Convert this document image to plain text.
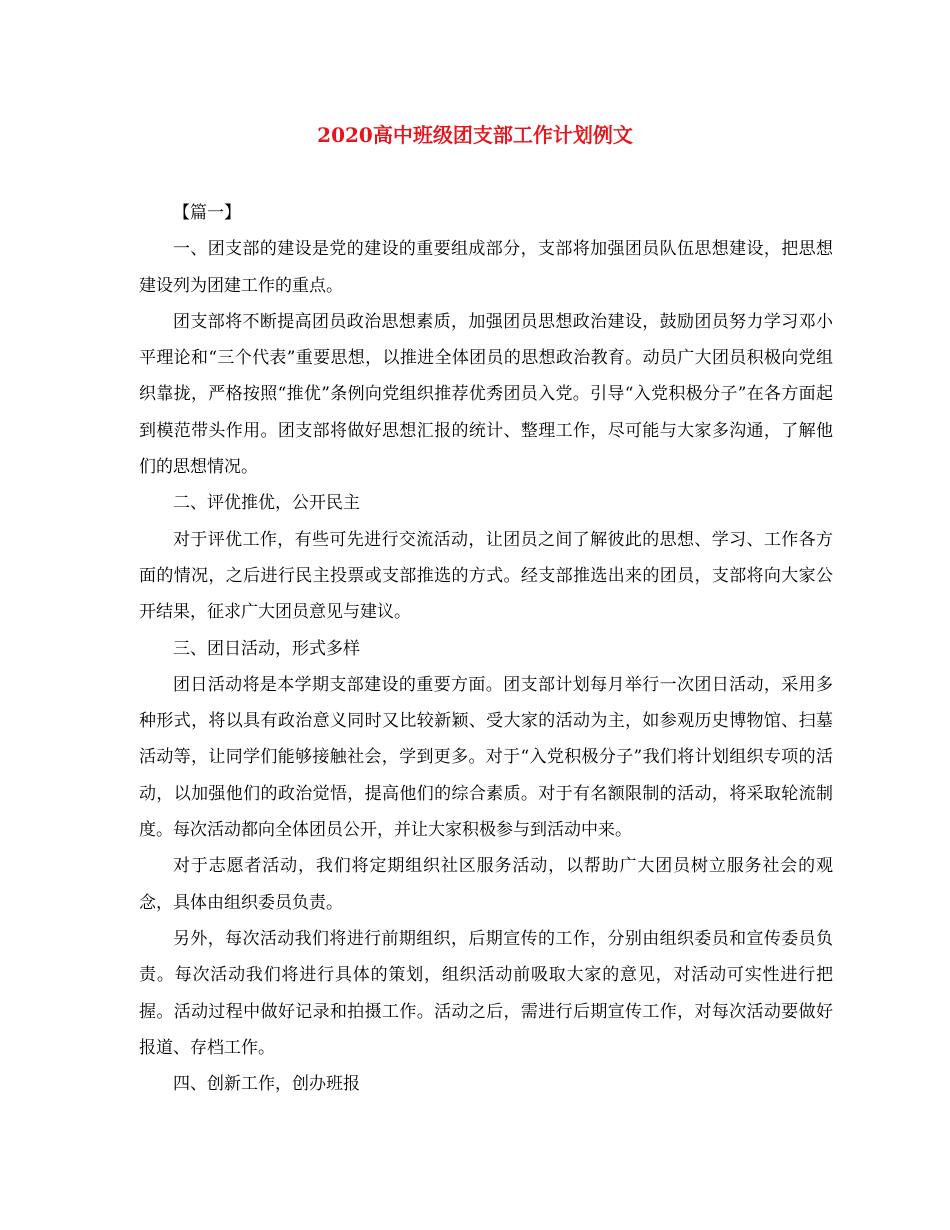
2020高中班级团支部工作计划例文

【篇一】

一、团支部的建设是党的建设的重要组成部分，支部将加强团员队伍思想建设，把思想建设列为团建工作的重点。

团支部将不断提高团员政治思想素质，加强团员思想政治建设，鼓励团员努力学习邓小平理论和“三个代表”重要思想，以推进全体团员的思想政治教育。动员广大团员积极向党组织靠拢，严格按照“推优”条例向党组织推荐优秀团员入党。引导“入党积极分子”在各方面起到模范带头作用。团支部将做好思想汇报的统计、整理工作，尽可能与大家多沟通，了解他们的思想情况。

二、评优推优，公开民主

对于评优工作，有些可先进行交流活动，让团员之间了解彼此的思想、学习、工作各方面的情况，之后进行民主投票或支部推选的方式。经支部推选出来的团员，支部将向大家公开结果，征求广大团员意见与建议。

三、团日活动，形式多样

团日活动将是本学期支部建设的重要方面。团支部计划每月举行一次团日活动，采用多种形式，将以具有政治意义同时又比较新颖、受大家的活动为主，如参观历史博物馆、扫墓活动等，让同学们能够接触社会，学到更多。对于“入党积极分子”我们将计划组织专项的活动，以加强他们的政治觉悟，提高他们的综合素质。对于有名额限制的活动，将采取轮流制度。每次活动都向全体团员公开，并让大家积极参与到活动中来。

对于志愿者活动，我们将定期组织社区服务活动，以帮助广大团员树立服务社会的观念，具体由组织委员负责。

另外，每次活动我们将进行前期组织，后期宣传的工作，分别由组织委员和宣传委员负责。每次活动我们将进行具体的策划，组织活动前吸取大家的意见，对活动可实性进行把握。活动过程中做好记录和拍摄工作。活动之后，需进行后期宣传工作，对每次活动要做好报道、存档工作。

四、创新工作，创办班报
